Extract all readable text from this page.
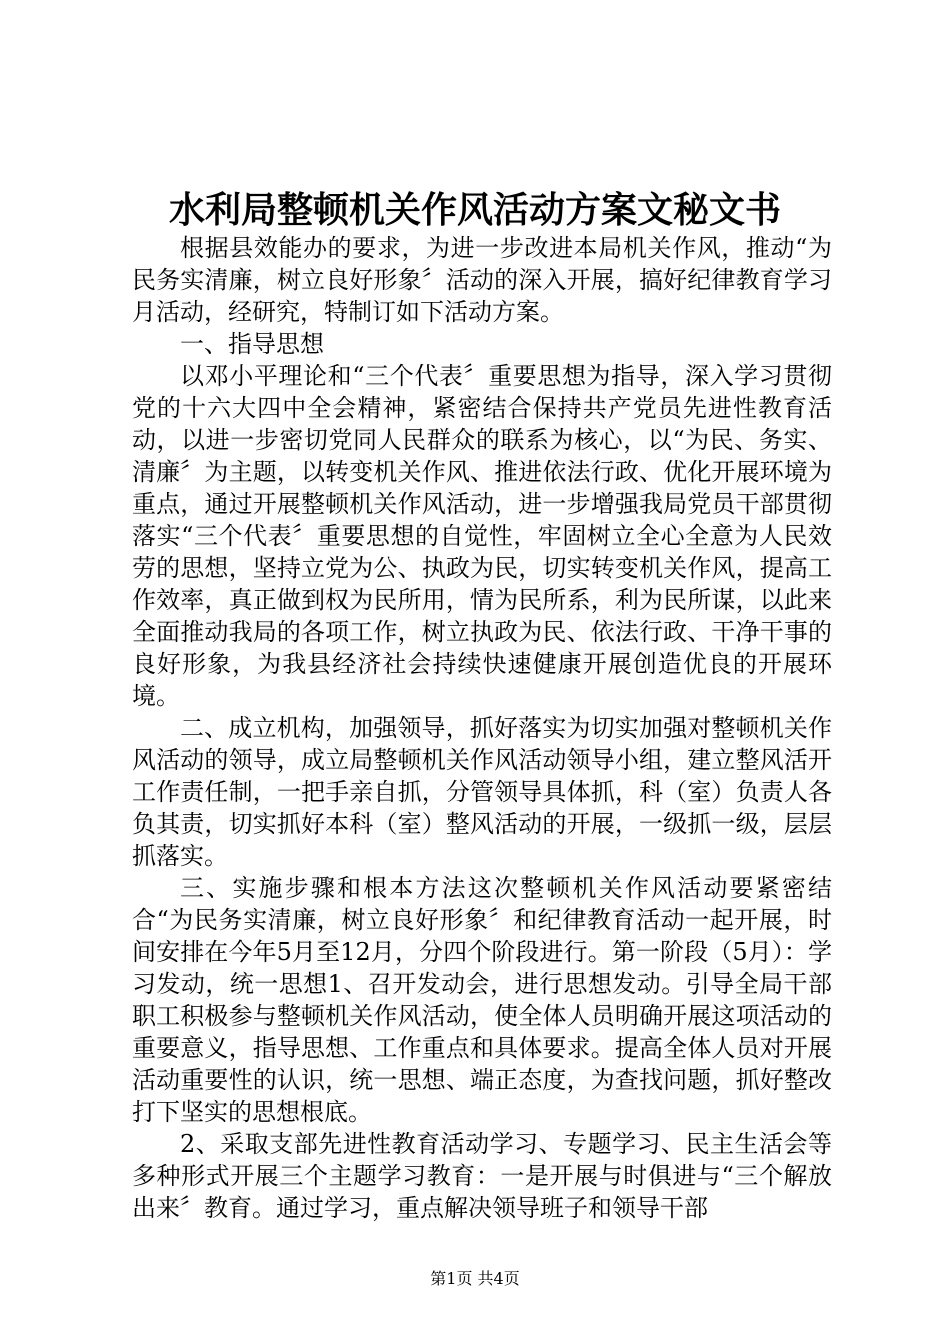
水利局整顿机关作风活动方案文秘文书

根据县效能办的要求，为进一步改进本局机关作风，推动“为民务实清廉，树立良好形象〞活动的深入开展，搞好纪律教育学习月活动，经研究，特制订如下活动方案。

一、指导思想

以邓小平理论和“三个代表〞重要思想为指导，深入学习贯彻党的十六大四中全会精神，紧密结合保持共产党员先进性教育活动，以进一步密切党同人民群众的联系为核心，以“为民、务实、清廉〞为主题，以转变机关作风、推进依法行政、优化开展环境为重点，通过开展整顿机关作风活动，进一步增强我局党员干部贯彻落实“三个代表〞重要思想的自觉性，牢固树立全心全意为人民效劳的思想，坚持立党为公、执政为民，切实转变机关作风，提高工作效率，真正做到权为民所用，情为民所系，利为民所谋，以此来全面推动我局的各项工作，树立执政为民、依法行政、干净干事的良好形象，为我县经济社会持续快速健康开展创造优良的开展环境。

二、成立机构，加强领导，抓好落实为切实加强对整顿机关作风活动的领导，成立局整顿机关作风活动领导小组，建立整风活开工作责任制，一把手亲自抓，分管领导具体抓，科（室）负责人各负其责，切实抓好本科（室）整风活动的开展，一级抓一级，层层抓落实。

三、实施步骤和根本方法这次整顿机关作风活动要紧密结合“为民务实清廉，树立良好形象〞和纪律教育活动一起开展，时间安排在今年5月至12月，分四个阶段进行。第一阶段（5月）：学习发动，统一思想1、召开发动会，进行思想发动。引导全局干部职工积极参与整顿机关作风活动，使全体人员明确开展这项活动的重要意义，指导思想、工作重点和具体要求。提高全体人员对开展活动重要性的认识，统一思想、端正态度，为查找问题，抓好整改打下坚实的思想根底。

2、采取支部先进性教育活动学习、专题学习、民主生活会等多种形式开展三个主题学习教育：一是开展与时俱进与“三个解放出来〞教育。通过学习，重点解决领导班子和领导干部

第1页 共4页
